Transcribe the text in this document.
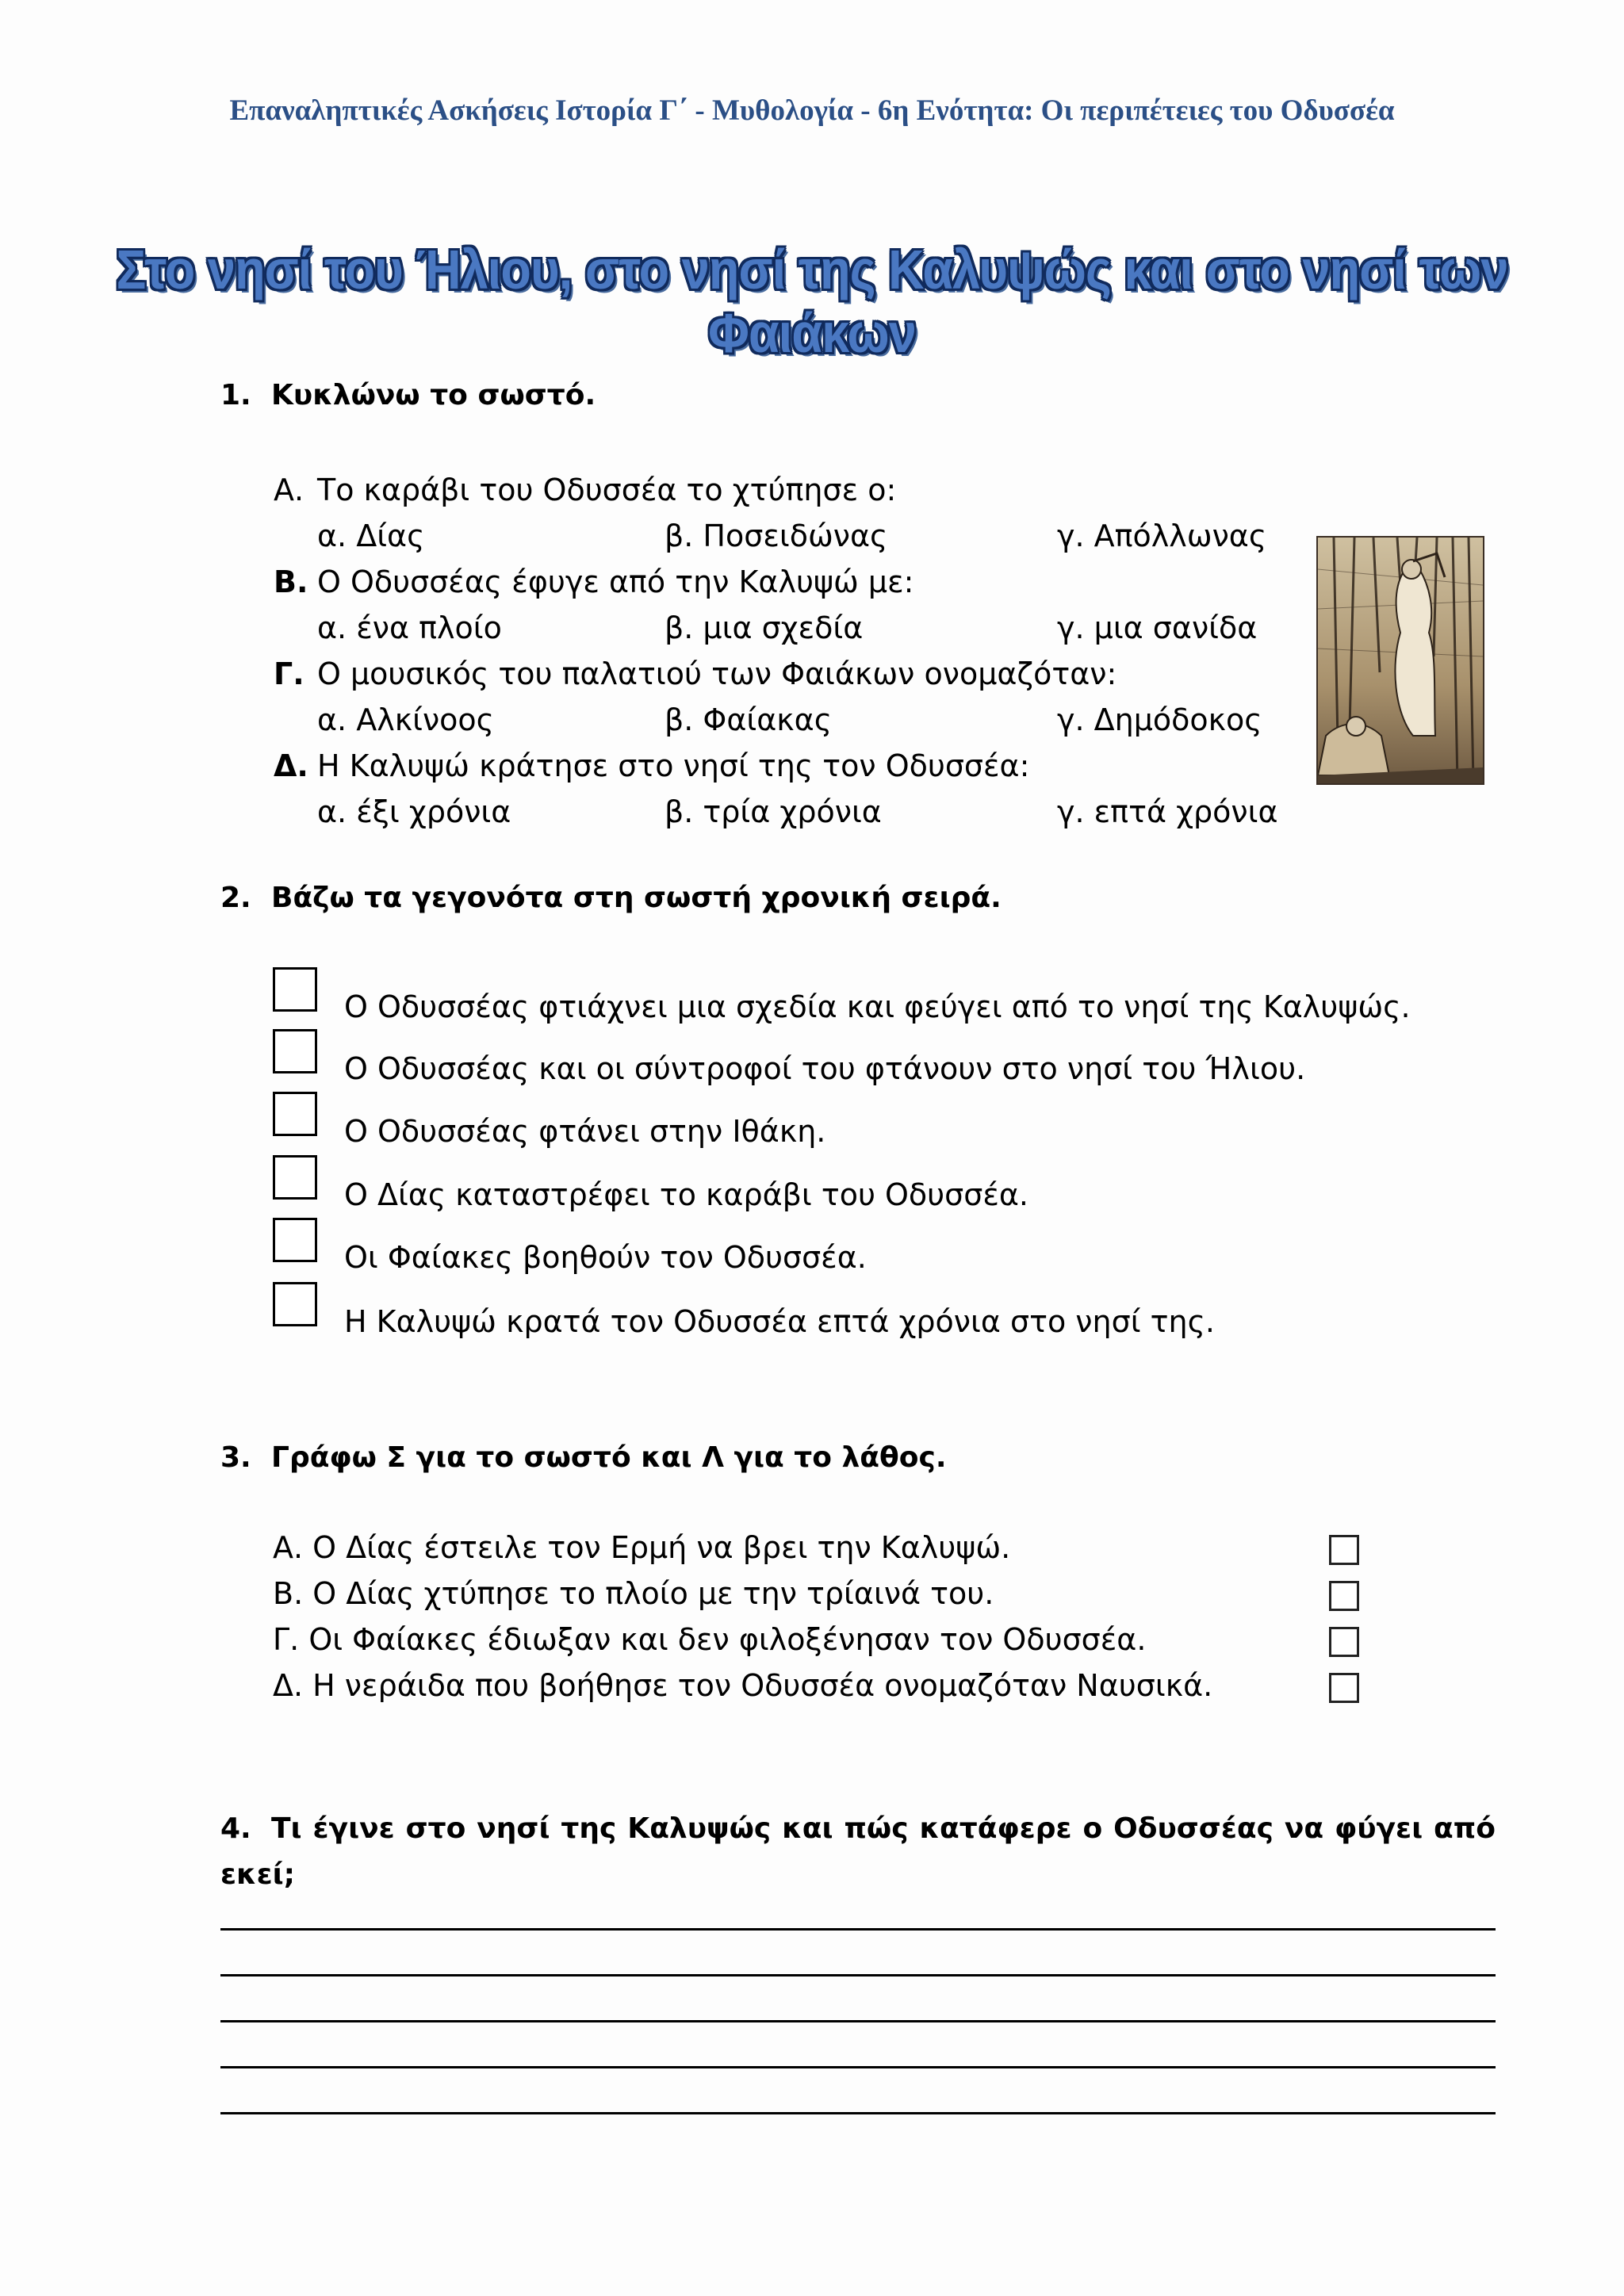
Επαναληπτικές Ασκήσεις Ιστορία Γ΄ - Μυθολογία - 6η Ενότητα: Οι περιπέτειες του Οδυσσέα
Στο νησί του Ήλιου, στο νησί της Καλυψώς και στο νησί των Φαιάκων
1. Κυκλώνω το σωστό.
Α. Το καράβι του Οδυσσέα το χτύπησε ο:
α. Δίας	β. Ποσειδώνας	γ. Απόλλωνας
Β. Ο Οδυσσέας έφυγε από την Καλυψώ με:
α. ένα πλοίο	β. μια σχεδία	γ. μια σανίδα
Γ. Ο μουσικός του παλατιού των Φαιάκων ονομαζόταν:
α. Αλκίνοος	β. Φαίακας	γ. Δημόδοκος
Δ. Η Καλυψώ κράτησε στο νησί της τον Οδυσσέα:
α. έξι χρόνια	β. τρία χρόνια	γ. επτά χρόνια
2. Βάζω τα γεγονότα στη σωστή χρονική σειρά.
Ο Οδυσσέας φτιάχνει μια σχεδία και φεύγει από το νησί της Καλυψώς.
Ο Οδυσσέας και οι σύντροφοί του φτάνουν στο νησί του Ήλιου.
Ο Οδυσσέας φτάνει στην Ιθάκη.
Ο Δίας καταστρέφει το καράβι του Οδυσσέα.
Οι Φαίακες βοηθούν τον Οδυσσέα.
Η Καλυψώ κρατά τον Οδυσσέα επτά χρόνια στο νησί της.
3. Γράφω Σ για το σωστό και Λ για το λάθος.
Α. Ο Δίας έστειλε τον Ερμή να βρει την Καλυψώ.
Β. Ο Δίας χτύπησε το πλοίο με την τρίαινά του.
Γ. Οι Φαίακες έδιωξαν και δεν φιλοξένησαν τον Οδυσσέα.
Δ. Η νεράιδα που βοήθησε τον Οδυσσέα ονομαζόταν Ναυσικά.
4. Τι έγινε στο νησί της Καλυψώς και πώς κατάφερε ο Οδυσσέας να φύγει από εκεί;
